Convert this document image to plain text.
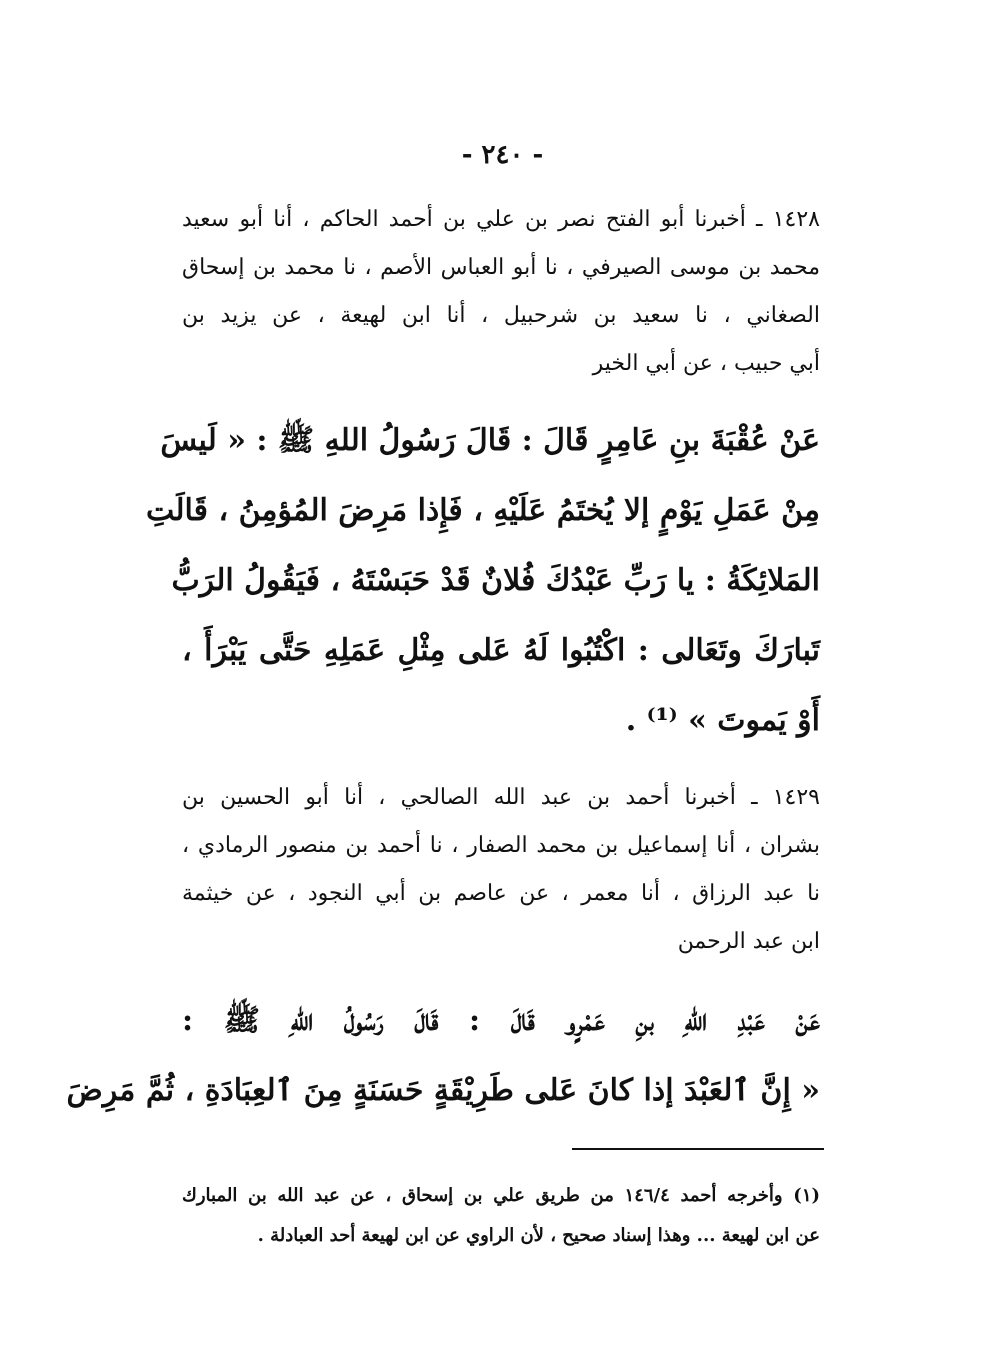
- ٢٤٠ -
١٤٢٨ ـ أخبرنا أبو الفتح نصر بن علي بن أحمد الحاكم ، أنا أبو سعيد
محمد بن موسى الصيرفي ، نا أبو العباس الأصم ، نا محمد بن إسحاق
الصغاني ، نا سعيد بن شرحبيل ، أنا ابن لهيعة ، عن يزيد بن
أبي حبيب ، عن أبي الخير
عَنْ عُقْبَةَ بنِ عَامِرٍ قَالَ : قَالَ رَسُولُ اللهِ ﷺ : « لَيسَ
مِنْ عَمَلِ يَوْمٍ إلا يُختَمُ عَلَيْهِ ، فَإِذا مَرِضَ المُؤمِنُ ، قَالَتِ
المَلائِكَةُ : يا رَبِّ عَبْدُكَ فُلانٌ قَدْ حَبَسْتَهُ ، فَيَقُولُ الرَبُّ
تَبارَكَ وتَعَالى : اكْتُبُوا لَهُ عَلى مِثْلِ عَمَلِهِ حَتَّى يَبْرَأَ ،
أَوْ يَموتَ » ⁽¹⁾ .
١٤٢٩ ـ أخبرنا أحمد بن عبد الله الصالحي ، أنا أبو الحسين بن
بشران ، أنا إسماعيل بن محمد الصفار ، نا أحمد بن منصور الرمادي ،
نا عبد الرزاق ، أنا معمر ، عن عاصم بن أبي النجود ، عن خيثمة
ابن عبد الرحمن
عَنْ عَبْدِ اللهِ بنِ عَمْرٍو قَالَ : قَالَ رَسُولُ اللهِ ﷺ :
« إِنَّ ٱلعَبْدَ إذا كانَ عَلى طَرِيْقَةٍ حَسَنَةٍ مِنَ ٱلعِبَادَةِ ، ثُمَّ مَرِضَ
(١) وأخرجه أحمد ١٤٦/٤ من طريق علي بن إسحاق ، عن عبد الله بن المبارك
عن ابن لهيعة ... وهذا إسناد صحيح ، لأن الراوي عن ابن لهيعة أحد العبادلة .
